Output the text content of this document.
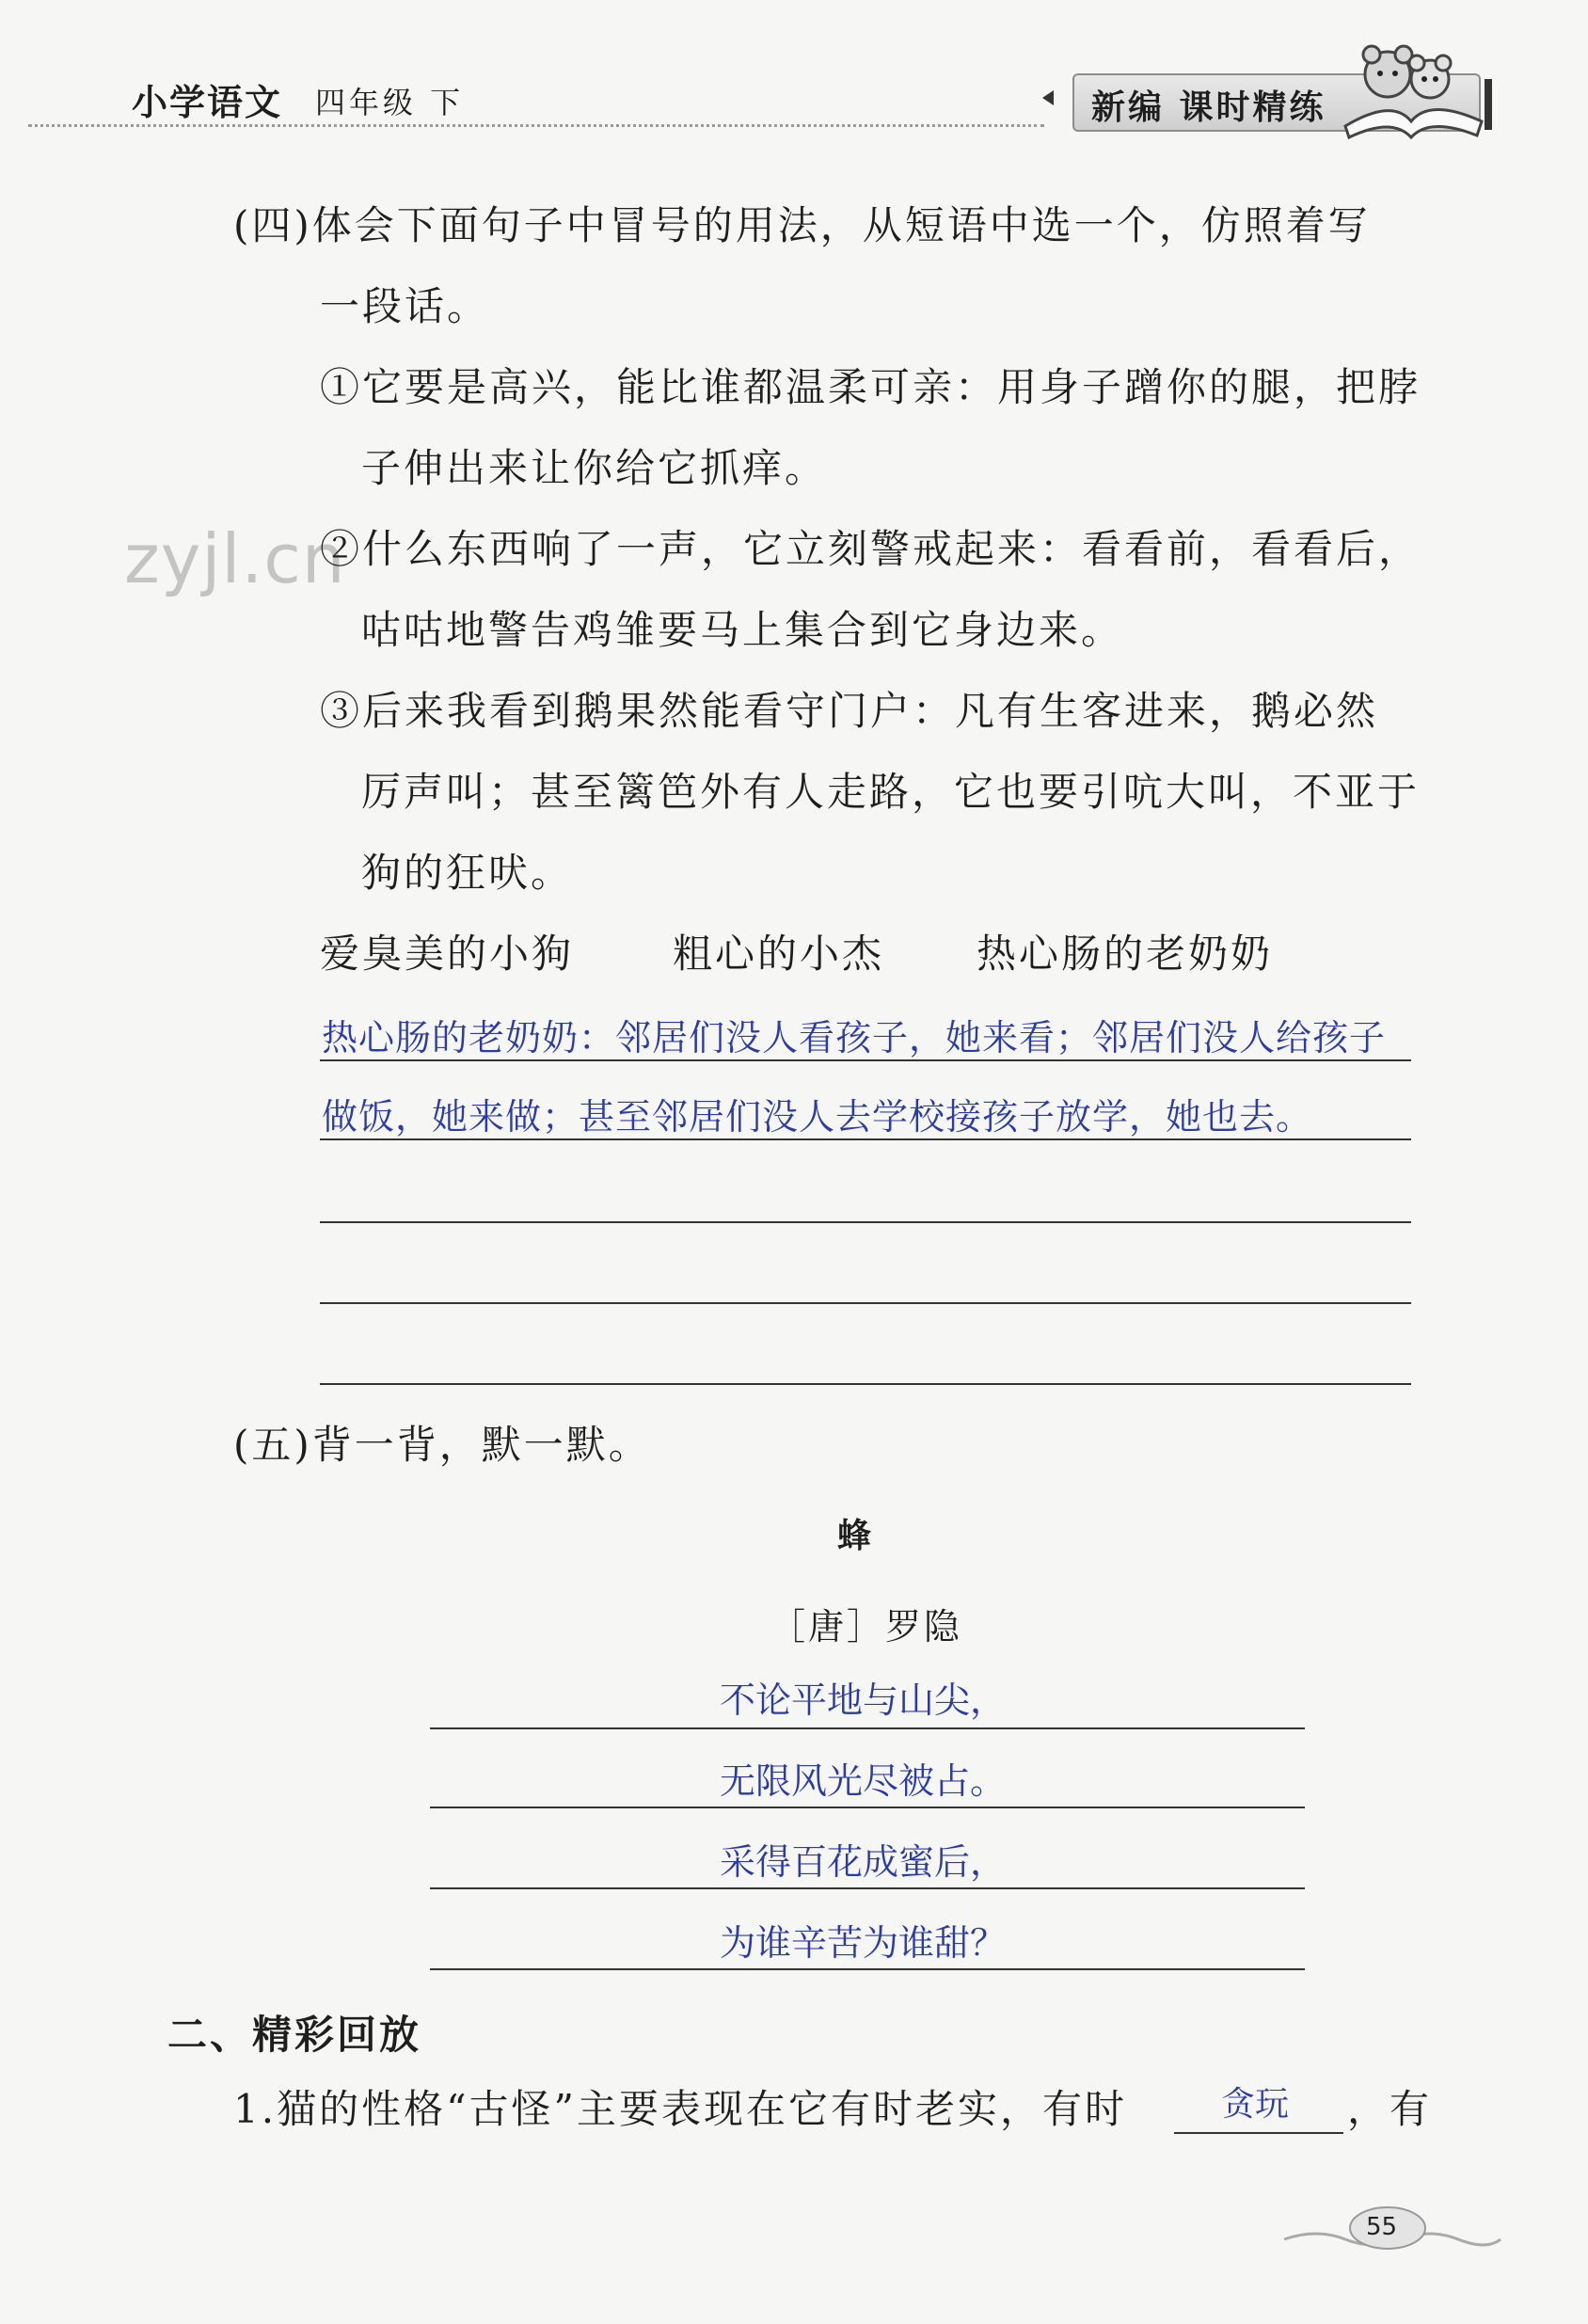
小学语文 四年级 下	新编 课时精练
zyjl.cn
(四)体会下面句子中冒号的用法，从短语中选一个，仿照着写
一段话。
①它要是高兴，能比谁都温柔可亲：用身子蹭你的腿，把脖
子伸出来让你给它抓痒。
②什么东西响了一声，它立刻警戒起来：看看前，看看后，
咕咕地警告鸡雏要马上集合到它身边来。
③后来我看到鹅果然能看守门户：凡有生客进来，鹅必然
厉声叫；甚至篱笆外有人走路，它也要引吭大叫，不亚于
狗的狂吠。
爱臭美的小狗 粗心的小杰 热心肠的老奶奶
热心肠的老奶奶：邻居们没人看孩子，她来看；邻居们没人给孩子
做饭，她来做；甚至邻居们没人去学校接孩子放学，她也去。
(五)背一背，默一默。
蜂
［唐］罗隐
不论平地与山尖，
无限风光尽被占。
采得百花成蜜后，
为谁辛苦为谁甜？
二、精彩回放
1.猫的性格“古怪”主要表现在它有时老实，有时	贪玩 ，有
55
